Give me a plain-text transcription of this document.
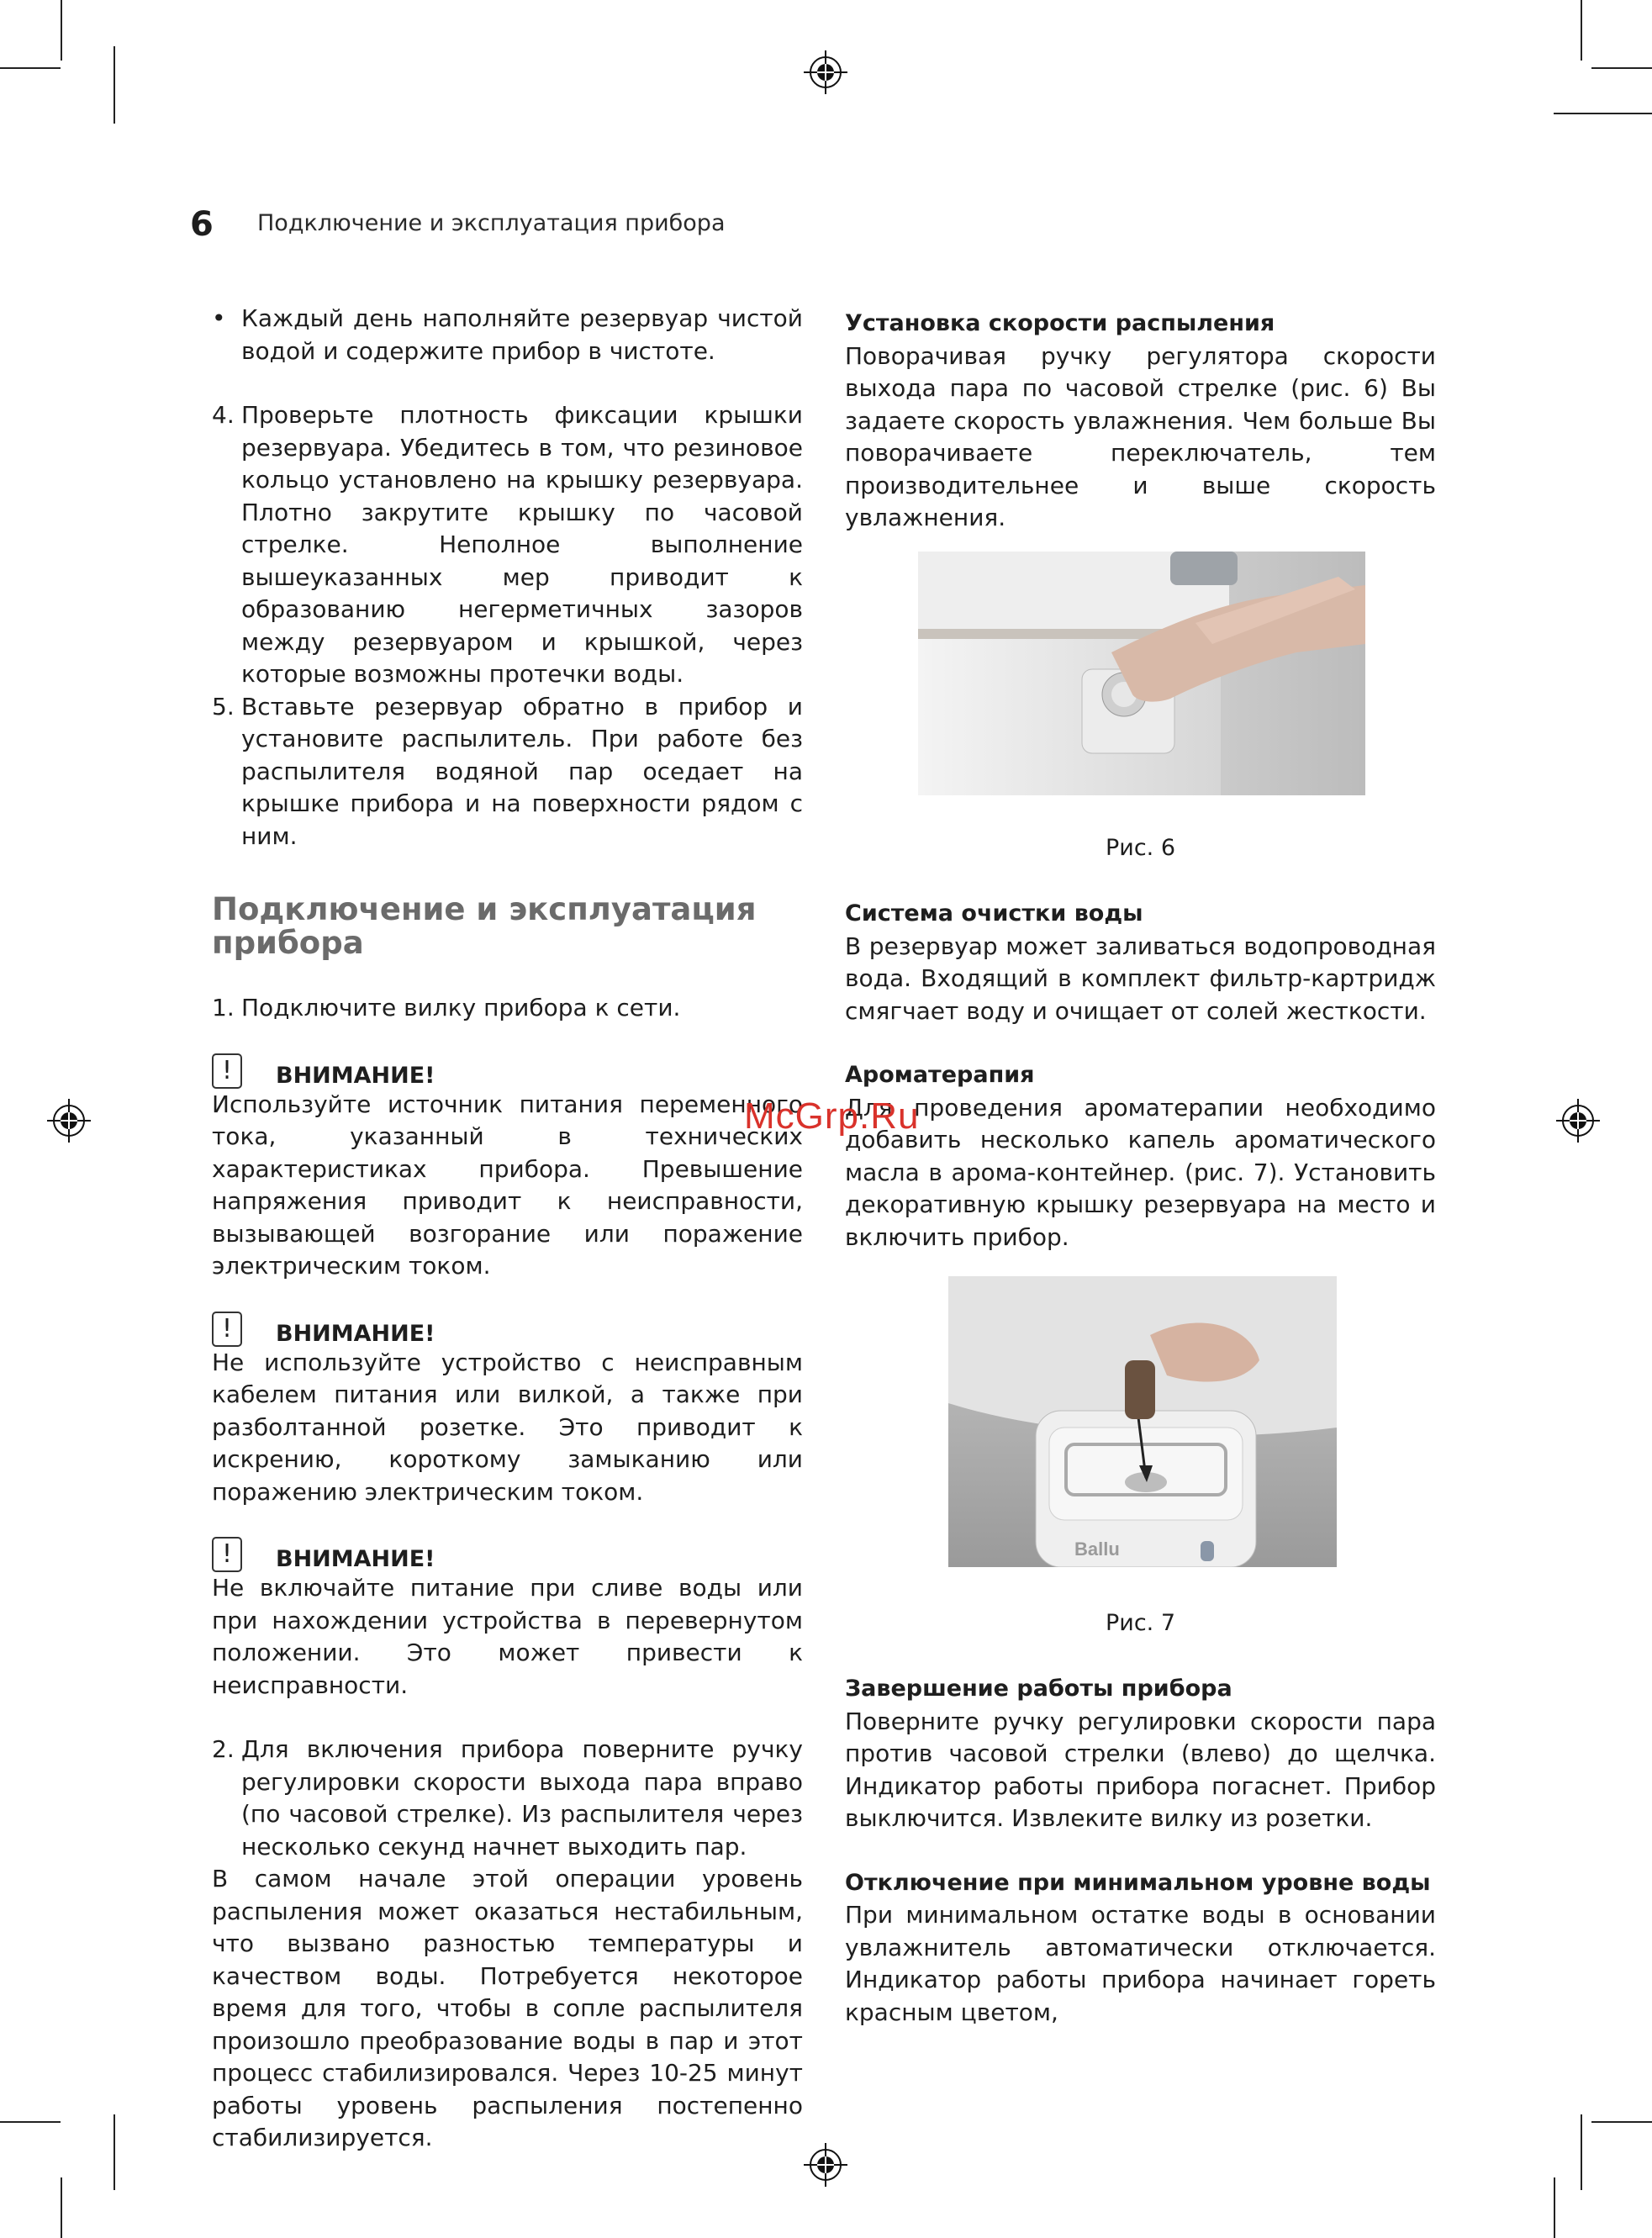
6 Подключение и эксплуатация прибора

• Каждый день наполняйте резервуар чистой водой и содержите прибор в чистоте.

4. Проверьте плотность фиксации крышки резервуара. Убедитесь в том, что резиновое кольцо установлено на крышку резервуара. Плотно закрутите крышку по часовой стрелке. Неполное выполнение вышеуказанных мер приводит к образованию негерметичных зазоров между резервуаром и крышкой, через которые возможны протечки воды.

5. Вставьте резервуар обратно в прибор и установите распылитель. При работе без распылителя водяной пар оседает на крышке прибора и на поверхности рядом с ним.

Подключение и эксплуатация прибора

1. Подключите вилку прибора к сети.

!	ВНИМАНИЕ!

Используйте источник питания переменного тока, указанный в технических характеристиках прибора. Превышение напряжения приводит к неисправности, вызывающей возгорание или поражение электрическим током.

!	ВНИМАНИЕ!

Не используйте устройство с неисправным кабелем питания или вилкой, а также при разболтанной розетке. Это приводит к искрению, короткому замыканию или поражению электрическим током.

!	ВНИМАНИЕ!

Не включайте питание при сливе воды или при нахождении устройства в перевернутом положении. Это может привести к неисправности.

2. Для включения прибора поверните ручку регулировки скорости выхода пара вправо (по часовой стрелке). Из распылителя через несколько секунд начнет выходить пар.

В самом начале этой операции уровень распыления может оказаться нестабильным, что вызвано разностью температуры и качеством воды. Потребуется некоторое время для того, чтобы в сопле распылителя произошло преобразование воды в пар и этот процесс стабилизировался. Через 10-25 минут работы уровень распыления постепенно стабилизируется.

Установка скорости распыления

Поворачивая ручку регулятора скорости выхода пара по часовой стрелке (рис. 6) Вы задаете скорость увлажнения. Чем больше Вы поворачиваете переключатель, тем производительнее и выше скорость увлажнения.

Рис. 6

Система очистки воды

В резервуар может заливаться водопроводная вода. Входящий в комплект фильтр-картридж смягчает воду и очищает от солей жесткости.

Ароматерапия

Для проведения ароматерапии необходимо добавить несколько капель ароматического масла в арома-контейнер. (рис. 7). Установить декоративную крышку резервуара на место и включить прибор.

McGrp.Ru
Ballu
Рис. 7

Завершение работы прибора

Поверните ручку регулировки скорости пара против часовой стрелки (влево) до щелчка. Индикатор работы прибора погаснет. Прибор выключится. Извлеките вилку из розетки.

Отключение при минимальном уровне воды

При минимальном остатке воды в основании увлажнитель автоматически отключается. Индикатор работы прибора начинает гореть красным цветом,
